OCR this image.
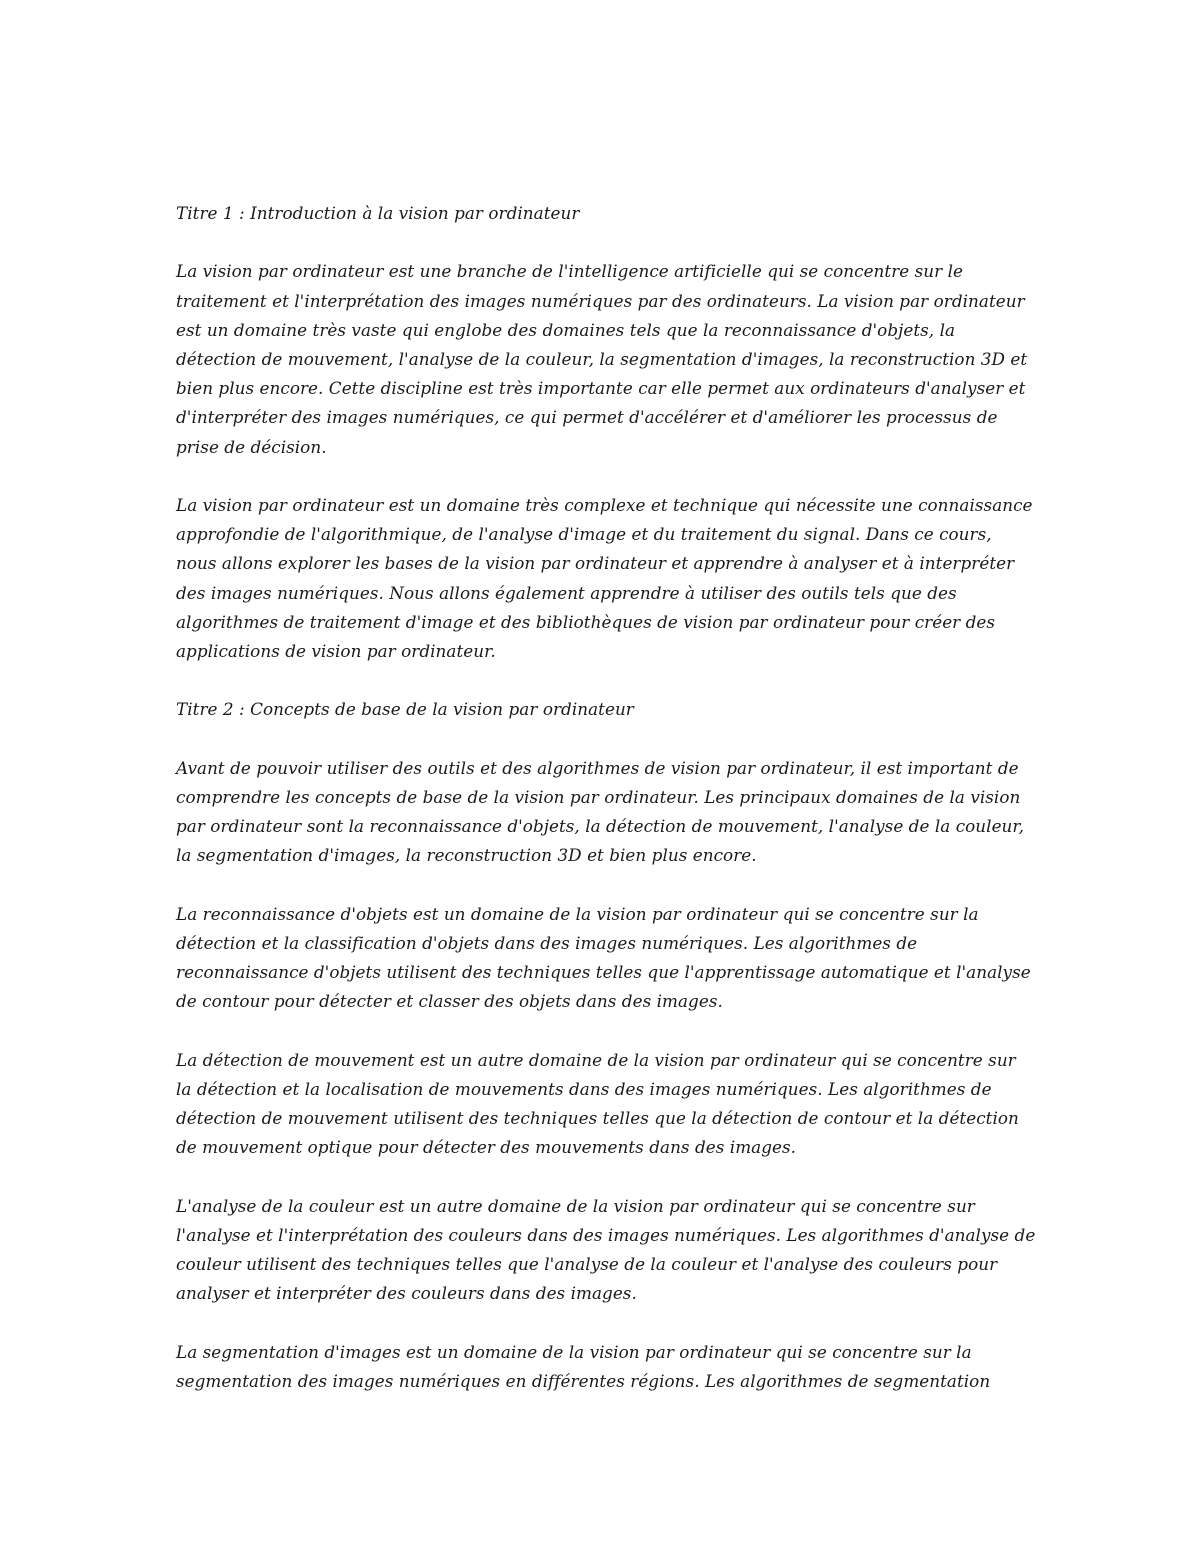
Titre 1 : Introduction à la vision par ordinateur
La vision par ordinateur est une branche de l'intelligence artificielle qui se concentre sur le traitement et l'interprétation des images numériques par des ordinateurs. La vision par ordinateur est un domaine très vaste qui englobe des domaines tels que la reconnaissance d'objets, la détection de mouvement, l'analyse de la couleur, la segmentation d'images, la reconstruction 3D et bien plus encore. Cette discipline est très importante car elle permet aux ordinateurs d'analyser et d'interpréter des images numériques, ce qui permet d'accélérer et d'améliorer les processus de prise de décision.
La vision par ordinateur est un domaine très complexe et technique qui nécessite une connaissance approfondie de l'algorithmique, de l'analyse d'image et du traitement du signal. Dans ce cours, nous allons explorer les bases de la vision par ordinateur et apprendre à analyser et à interpréter des images numériques. Nous allons également apprendre à utiliser des outils tels que des algorithmes de traitement d'image et des bibliothèques de vision par ordinateur pour créer des applications de vision par ordinateur.
Titre 2 : Concepts de base de la vision par ordinateur
Avant de pouvoir utiliser des outils et des algorithmes de vision par ordinateur, il est important de comprendre les concepts de base de la vision par ordinateur. Les principaux domaines de la vision par ordinateur sont la reconnaissance d'objets, la détection de mouvement, l'analyse de la couleur, la segmentation d'images, la reconstruction 3D et bien plus encore.
La reconnaissance d'objets est un domaine de la vision par ordinateur qui se concentre sur la détection et la classification d'objets dans des images numériques. Les algorithmes de reconnaissance d'objets utilisent des techniques telles que l'apprentissage automatique et l'analyse de contour pour détecter et classer des objets dans des images.
La détection de mouvement est un autre domaine de la vision par ordinateur qui se concentre sur la détection et la localisation de mouvements dans des images numériques. Les algorithmes de détection de mouvement utilisent des techniques telles que la détection de contour et la détection de mouvement optique pour détecter des mouvements dans des images.
L'analyse de la couleur est un autre domaine de la vision par ordinateur qui se concentre sur l'analyse et l'interprétation des couleurs dans des images numériques. Les algorithmes d'analyse de couleur utilisent des techniques telles que l'analyse de la couleur et l'analyse des couleurs pour analyser et interpréter des couleurs dans des images.
La segmentation d'images est un domaine de la vision par ordinateur qui se concentre sur la segmentation des images numériques en différentes régions. Les algorithmes de segmentation
